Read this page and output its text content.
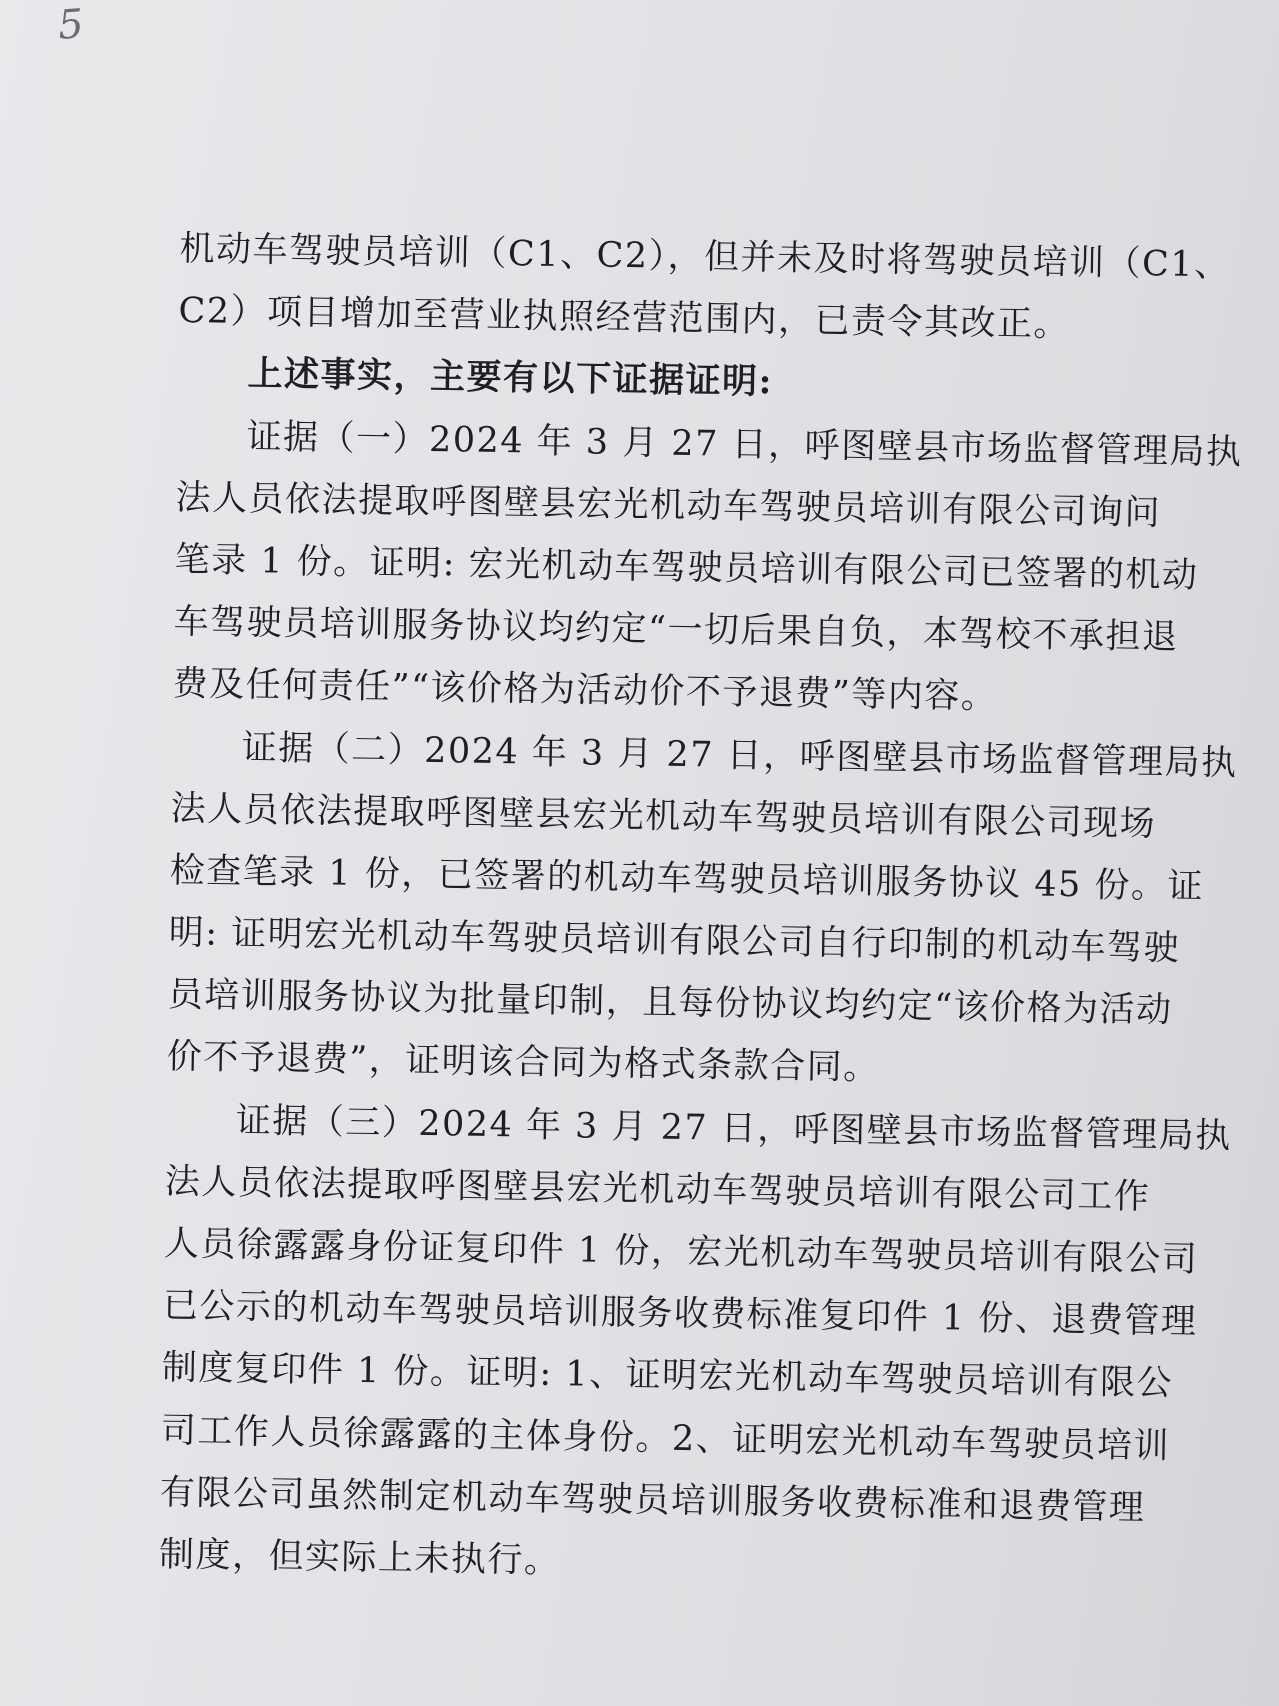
5
机动车驾驶员培训（C1、C2），但并未及时将驾驶员培训（C1、
C2）项目增加至营业执照经营范围内，已责令其改正。
上述事实，主要有以下证据证明:
证据（一）2024 年 3 月 27 日，呼图壁县市场监督管理局执
法人员依法提取呼图壁县宏光机动车驾驶员培训有限公司询问
笔录 1 份。证明: 宏光机动车驾驶员培训有限公司已签署的机动
车驾驶员培训服务协议均约定“一切后果自负，本驾校不承担退
费及任何责任”“该价格为活动价不予退费”等内容。
证据（二）2024 年 3 月 27 日，呼图壁县市场监督管理局执
法人员依法提取呼图壁县宏光机动车驾驶员培训有限公司现场
检查笔录 1 份，已签署的机动车驾驶员培训服务协议 45 份。证
明: 证明宏光机动车驾驶员培训有限公司自行印制的机动车驾驶
员培训服务协议为批量印制，且每份协议均约定“该价格为活动
价不予退费”，证明该合同为格式条款合同。
证据（三）2024 年 3 月 27 日，呼图壁县市场监督管理局执
法人员依法提取呼图壁县宏光机动车驾驶员培训有限公司工作
人员徐露露身份证复印件 1 份，宏光机动车驾驶员培训有限公司
已公示的机动车驾驶员培训服务收费标准复印件 1 份、退费管理
制度复印件 1 份。证明: 1、证明宏光机动车驾驶员培训有限公
司工作人员徐露露的主体身份。2、证明宏光机动车驾驶员培训
有限公司虽然制定机动车驾驶员培训服务收费标准和退费管理
制度，但实际上未执行。
